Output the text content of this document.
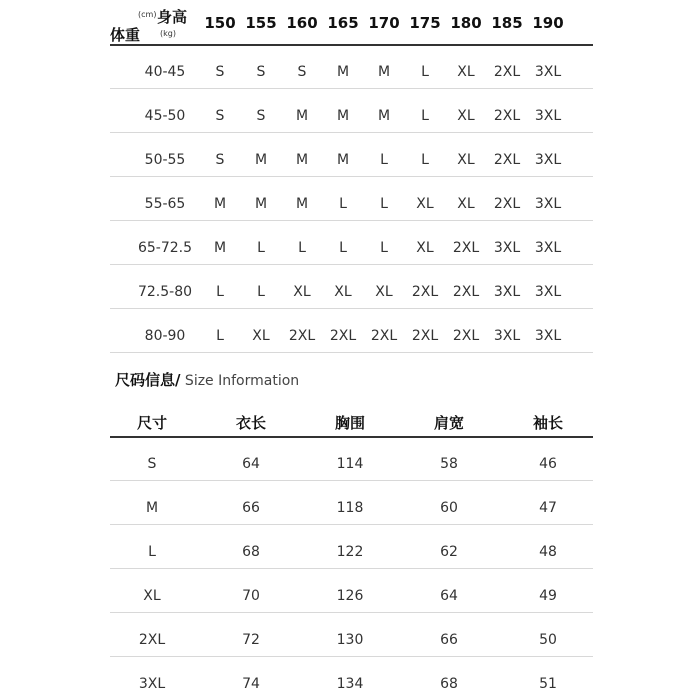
(cm) 身高
体重 (kg)
150 155 160 165 170 175 180 185 190
40-45	S	S	S	M	M	L	XL	2XL	3XL
45-50	S	S	M	M	M	L	XL	2XL	3XL
50-55	S	M	M	M	L	L	XL	2XL	3XL
55-65	M	M	M	L	L	XL	XL	2XL	3XL
65-72.5	M	L	L	L	L	XL	2XL	3XL	3XL
72.5-80	L	L	XL	XL	XL	2XL	2XL	3XL	3XL
80-90	L	XL	2XL	2XL	2XL	2XL	2XL	3XL	3XL
尺码信息/ Size Information
尺寸	衣长	胸围	肩宽	袖长
S	64	114	58	46
M	66	118	60	47
L	68	122	62	48
XL	70	126	64	49
2XL	72	130	66	50
3XL	74	134	68	51
